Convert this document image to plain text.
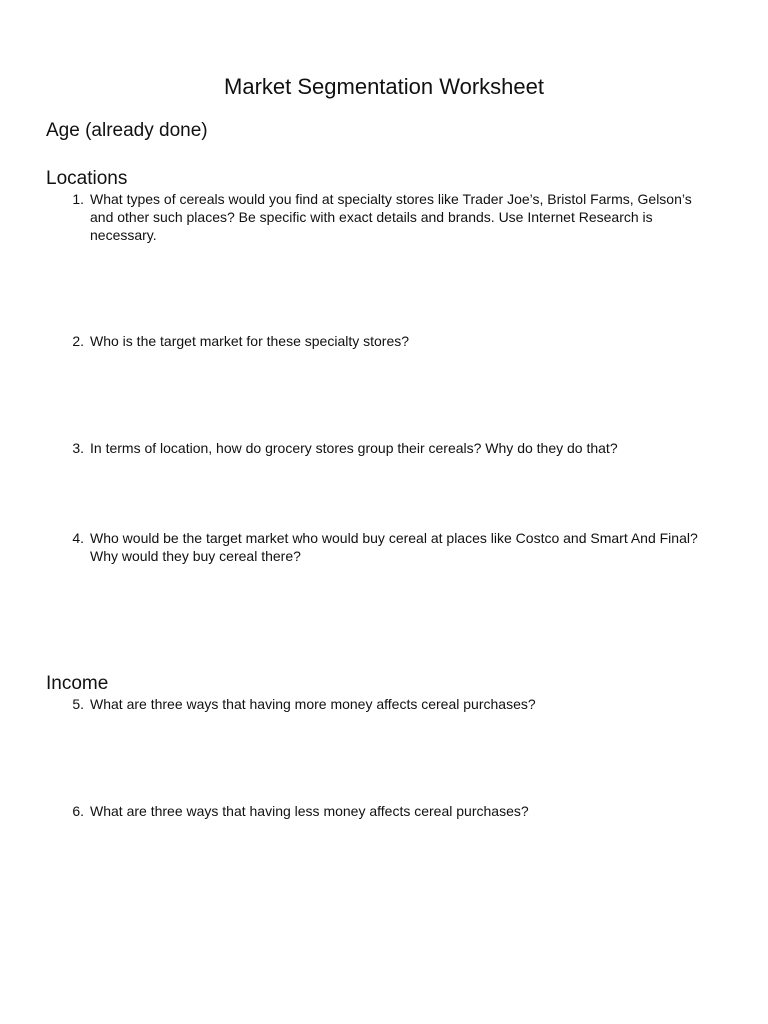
Market Segmentation Worksheet
Age (already done)
Locations
1. What types of cereals would you find at specialty stores like Trader Joe’s, Bristol Farms, Gelson’s and other such places? Be specific with exact details and brands. Use Internet Research is necessary.
2. Who is the target market for these specialty stores?
3. In terms of location, how do grocery stores group their cereals? Why do they do that?
4. Who would be the target market who would buy cereal at places like Costco and Smart And Final? Why would they buy cereal there?
Income
5. What are three ways that having more money affects cereal purchases?
6. What are three ways that having less money affects cereal purchases?
